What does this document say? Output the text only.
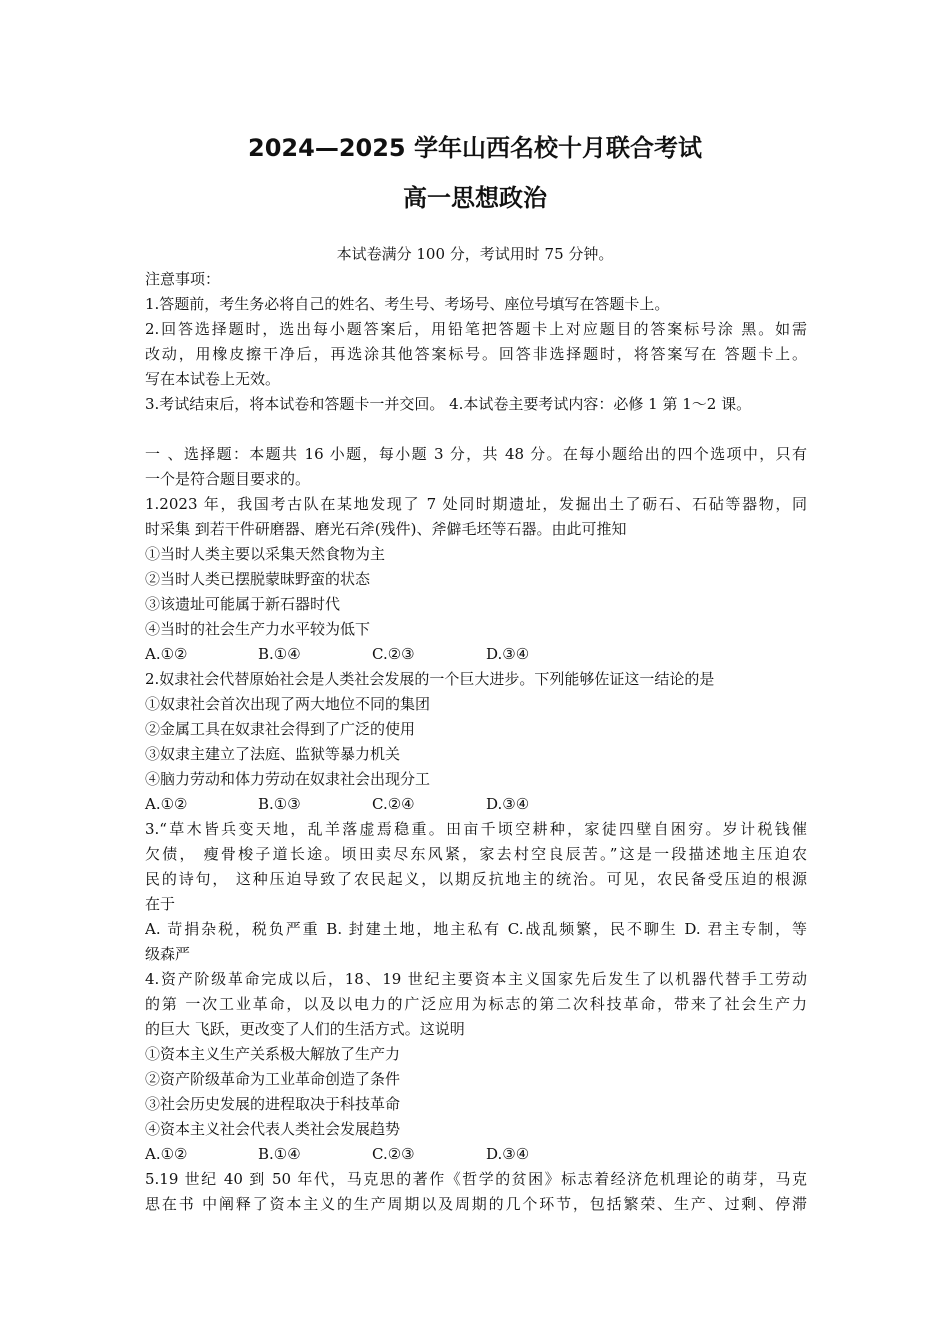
2024—2025 学年山西名校十月联合考试
高一思想政治
本试卷满分 100 分，考试用时 75 分钟。
注意事项：
1.答题前，考生务必将自己的姓名、考生号、考场号、座位号填写在答题卡上。
2.回答选择题时，选出每小题答案后，用铅笔把答题卡上对应题目的答案标号涂 黑。如需
改动，用橡皮擦干净后，再选涂其他答案标号。回答非选择题时，将答案写在 答题卡上。
写在本试卷上无效。
3.考试结束后，将本试卷和答题卡一并交回。 4.本试卷主要考试内容：必修 1 第 1～2 课。
一 、选择题：本题共 16 小题，每小题 3 分，共 48 分。在每小题给出的四个选项中，只有
一个是符合题目要求的。
1.2023 年，我国考古队在某地发现了 7 处同时期遗址，发掘出土了砺石、石砧等器物，同
时采集 到若干件研磨器、磨光石斧(残件)、斧僻毛坯等石器。由此可推知
①当时人类主要以采集天然食物为主
②当时人类已摆脱蒙昧野蛮的状态
③该遗址可能属于新石器时代
④当时的社会生产力水平较为低下
A.①②	B.①④	C.②③	D.③④
2.奴隶社会代替原始社会是人类社会发展的一个巨大进步。下列能够佐证这一结论的是
①奴隶社会首次出现了两大地位不同的集团
②金属工具在奴隶社会得到了广泛的使用
③奴隶主建立了法庭、监狱等暴力机关
④脑力劳动和体力劳动在奴隶社会出现分工
A.①②	B.①③	C.②④	D.③④
3.“草木皆兵变天地，乱羊落虚焉稳重。田亩千顷空耕种，家徒四壁自困穷。岁计税钱催
欠债， 瘦骨梭子道长途。顷田卖尽东风紧，家去村空良辰苦。”这是一段描述地主压迫农
民的诗句， 这种压迫导致了农民起义，以期反抗地主的统治。可见，农民备受压迫的根源
在于
A. 苛捐杂税，税负严重 B. 封建土地，地主私有 C.战乱频繁，民不聊生 D. 君主专制，等
级森严
4.资产阶级革命完成以后，18、19 世纪主要资本主义国家先后发生了以机器代替手工劳动
的第 一次工业革命，以及以电力的广泛应用为标志的第二次科技革命，带来了社会生产力
的巨大 飞跃，更改变了人们的生活方式。这说明
①资本主义生产关系极大解放了生产力
②资产阶级革命为工业革命创造了条件
③社会历史发展的进程取决于科技革命
④资本主义社会代表人类社会发展趋势
A.①②	B.①④	C.②③	D.③④
5.19 世纪 40 到 50 年代，马克思的著作《哲学的贫困》标志着经济危机理论的萌芽，马克
思在书 中阐释了资本主义的生产周期以及周期的几个环节，包括繁荣、生产、过剩、停滞
